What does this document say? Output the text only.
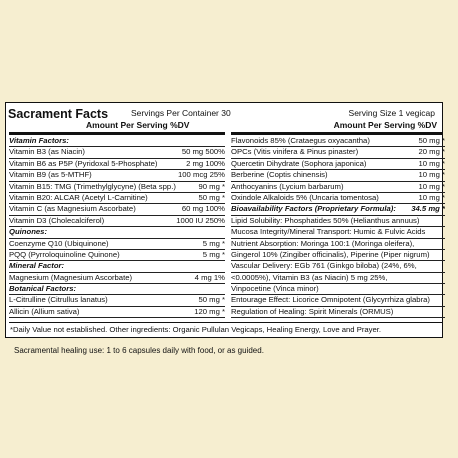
Sacrament Facts	Servings Per Container 30	Serving Size 1 vegicap
Amount Per Serving %DV	Amount Per Serving %DV
Vitamin Factors:
Vitamin B3 (as Niacin)	50 mg 500%
Vitamin B6 as P5P (Pyridoxal 5-Phosphate)	2 mg 100%
Vitamin B9 (as 5-MTHF)	100 mcg 25%
Vitamin B15: TMG (Trimethylglycyne) (Beta spp.)	90 mg *
Vitamin B20: ALCAR (Acetyl L-Carnitine)	50 mg *
Vitamin C (as Magnesium Ascorbate)	60 mg 100%
Vitamin D3 (Cholecalciferol)	1000 IU 250%
Quinones:
Coenzyme Q10 (Ubiquinone)	5 mg *
PQQ (Pyrroloquinoline Quinone)	5 mg *
Mineral Factor:
Magnesium (Magnesium Ascorbate)	4 mg 1%
Botanical Factors:
L-Citrulline (Citrullus lanatus)	50 mg *
Allicin (Allium sativa)	120 mg *
Flavonoids 85% (Crataegus oxyacantha)	50 mg *
OPCs (Vitis vinifera & Pinus pinaster)	20 mg *
Quercetin Dihydrate (Sophora japonica)	10 mg *
Berberine (Coptis chinensis)	10 mg *
Anthocyanins (Lycium barbarum)	10 mg *
Oxindole Alkaloids 5% (Uncaria tomentosa)	10 mg *
Bioavailability Factors (Proprietary Formula): 34.5 mg *
Lipid Solubility: Phosphatides 50% (Helianthus annuus)
Mucosa Integrity/Mineral Transport: Humic & Fulvic Acids
Nutrient Absorption: Moringa 100:1 (Moringa oleifera),
Gingerol 10% (Zingiber officinalis), Piperine (Piper nigrum)
Vascular Delivery: EGb 761 (Ginkgo biloba) (24%, 6%,
<0.0005%), Vitamin B3 (as Niacin) 5 mg 25%,
Vinpocetine (Vinca minor)
Entourage Effect: Licorice Omnipotent (Glycyrrhiza glabra)
Regulation of Healing: Spirit Minerals (ORMUS)
*Daily Value not established. Other ingredients: Organic Pullulan Vegicaps, Healing Energy, Love and Prayer.
Sacramental healing use: 1 to 6 capsules daily with food, or as guided.
